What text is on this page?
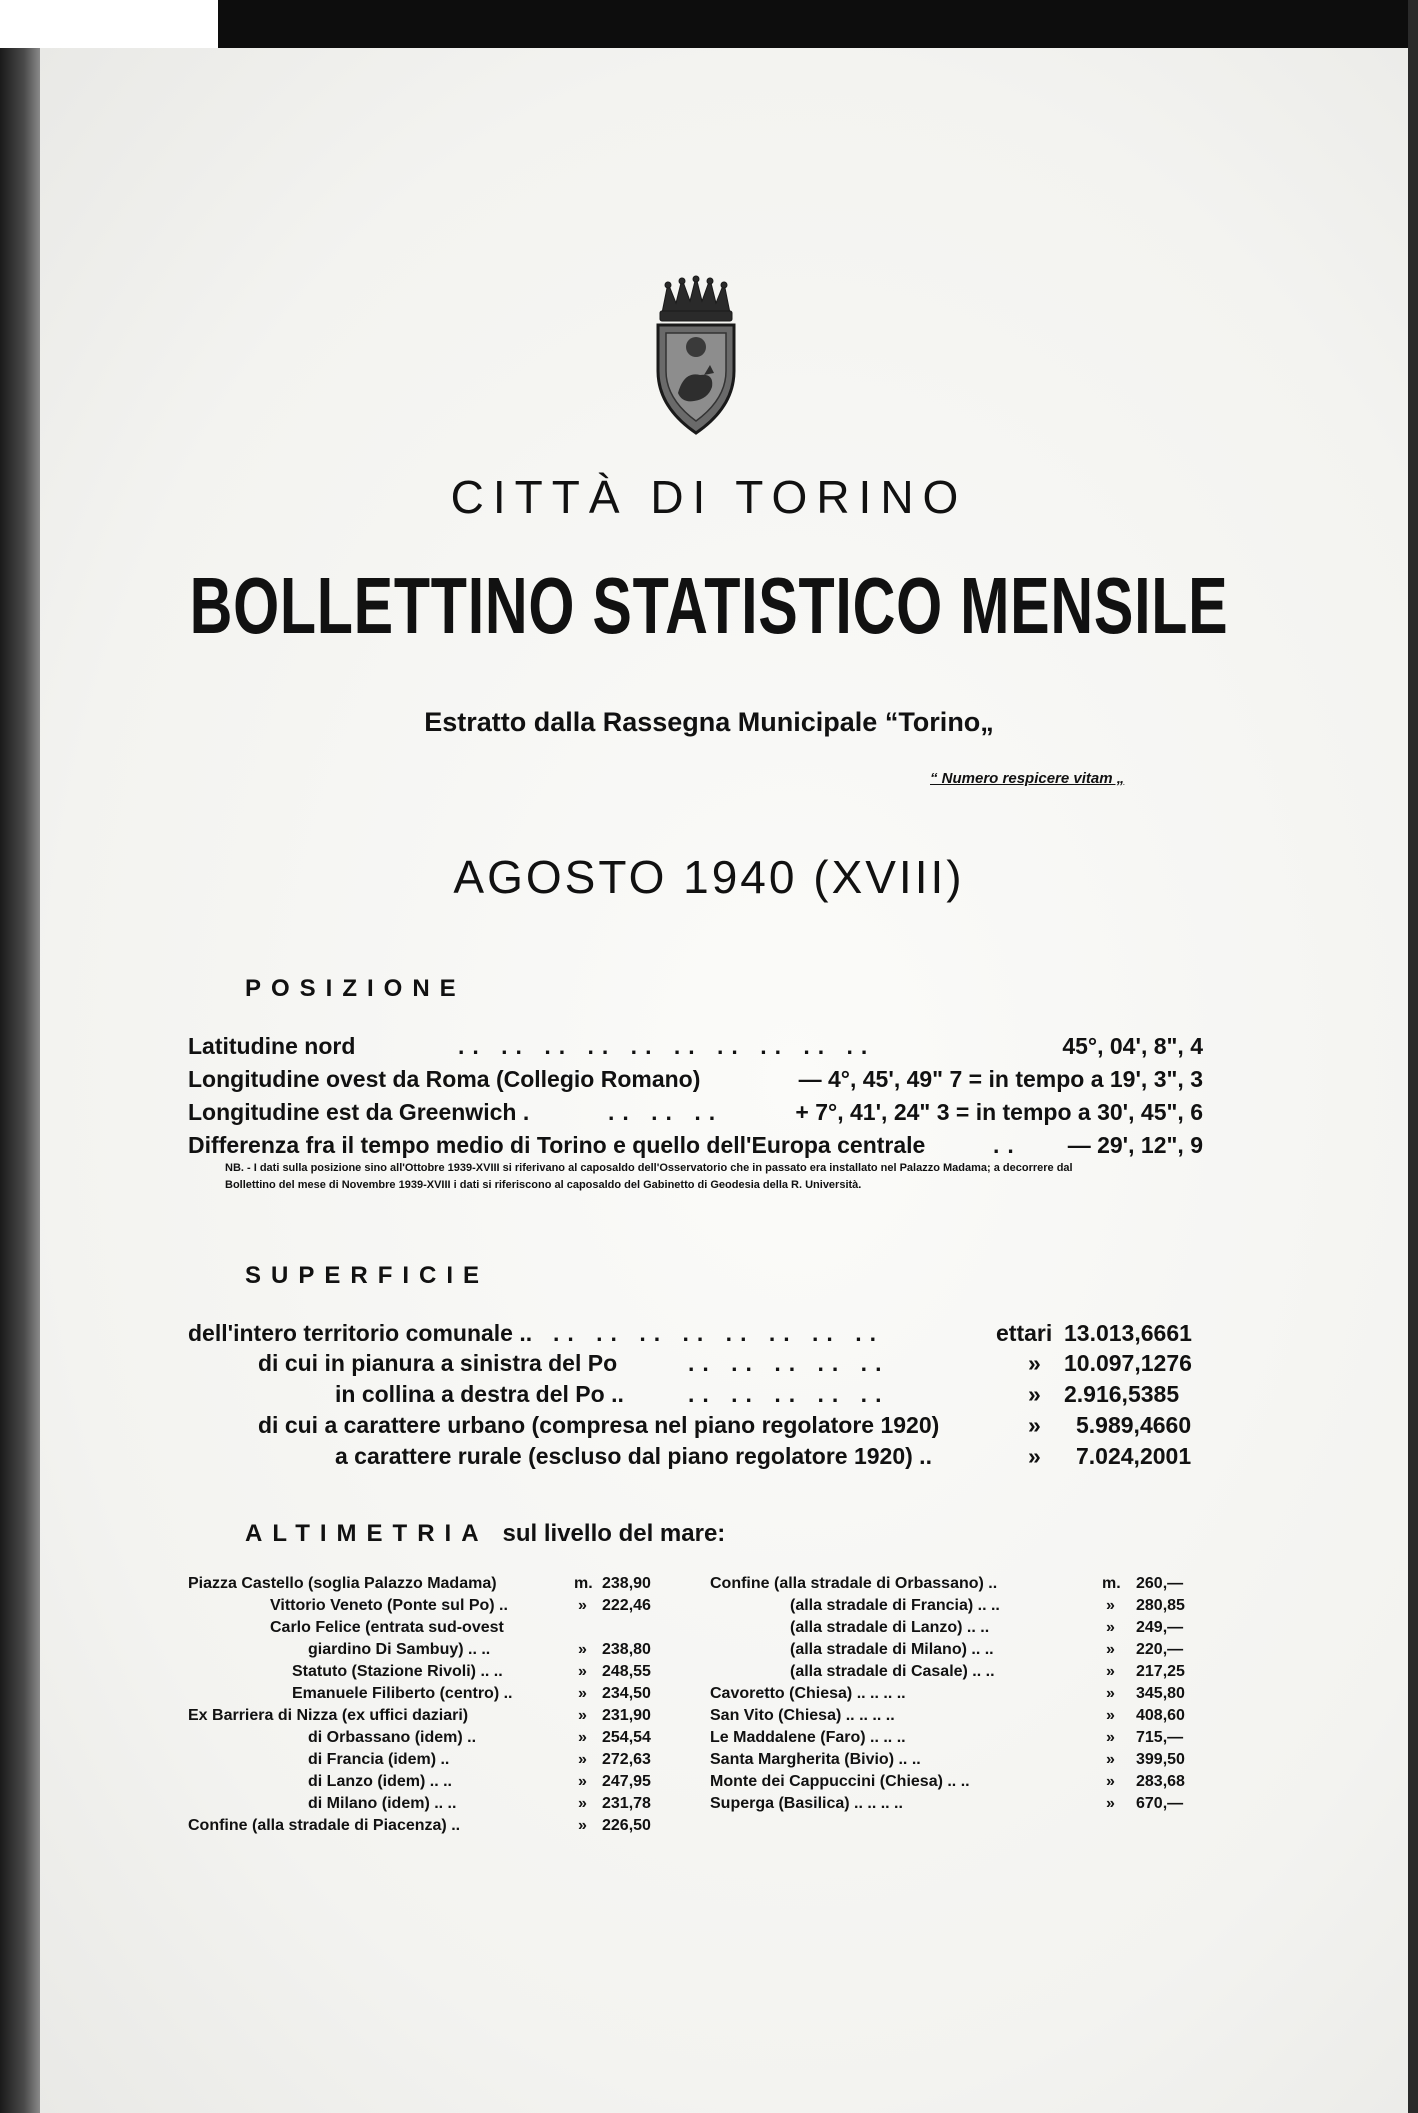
CITTÀ DI TORINO
BOLLETTINO STATISTICO MENSILE
Estratto dalla Rassegna Municipale “Torino„
“ Numero respicere vitam „
AGOSTO 1940 (XVIII)
POSIZIONE
Latitudine nord	.. .. .. .. .. .. .. .. .. ..	45°, 04', 8", 4
Longitudine ovest da Roma (Collegio Romano)	— 4°, 45', 49" 7 = in tempo a 19', 3", 3
Longitudine est da Greenwich .	.. .. ..	+ 7°, 41', 24" 3 = in tempo a 30', 45", 6
Differenza fra il tempo medio di Torino e quello dell'Europa centrale	.. — 29', 12", 9
NB. - I dati sulla posizione sino all'Ottobre 1939-XVIII si riferivano al caposaldo dell'Osservatorio che in passato era installato nel Palazzo Madama; a decorrere dal Bollettino del mese di Novembre 1939-XVIII i dati si riferiscono al caposaldo del Gabinetto di Geodesia della R. Università.
SUPERFICIE
dell'intero territorio comunale .. .. .. .. .. .. .. .. ..	ettari 13.013,6661
di cui in pianura a sinistra del Po	.. .. .. .. ..	» 10.097,1276
in collina a destra del Po ..	.. .. .. .. ..	» 2.916,5385
di cui a carattere urbano (compresa nel piano regolatore 1920)	» 5.989,4660
a carattere rurale (escluso dal piano regolatore 1920) ..	» 7.024,2001
ALTIMETRIA sul livello del mare:
Piazza Castello (soglia Palazzo Madama)	m. 238,90
Vittorio Veneto (Ponte sul Po) ..	» 222,46
Carlo Felice (entrata sud-ovest
giardino Di Sambuy) .. ..	» 238,80
Statuto (Stazione Rivoli) .. ..	» 248,55
Emanuele Filiberto (centro) ..	» 234,50
Ex Barriera di Nizza (ex uffici daziari)	» 231,90
di Orbassano (idem) ..	» 254,54
di Francia (idem) ..	» 272,63
di Lanzo (idem) .. ..	» 247,95
di Milano (idem) .. ..	» 231,78
Confine (alla stradale di Piacenza) ..	» 226,50
Confine (alla stradale di Orbassano) ..	m. 260,—
(alla stradale di Francia) .. ..	» 280,85
(alla stradale di Lanzo) .. ..	» 249,—
(alla stradale di Milano) .. ..	» 220,—
(alla stradale di Casale) .. ..	» 217,25
Cavoretto (Chiesa) .. .. .. ..	» 345,80
San Vito (Chiesa) .. .. .. ..	» 408,60
Le Maddalene (Faro) .. .. ..	» 715,—
Santa Margherita (Bivio) .. ..	» 399,50
Monte dei Cappuccini (Chiesa) .. ..	» 283,68
Superga (Basilica) .. .. .. ..	» 670,—
